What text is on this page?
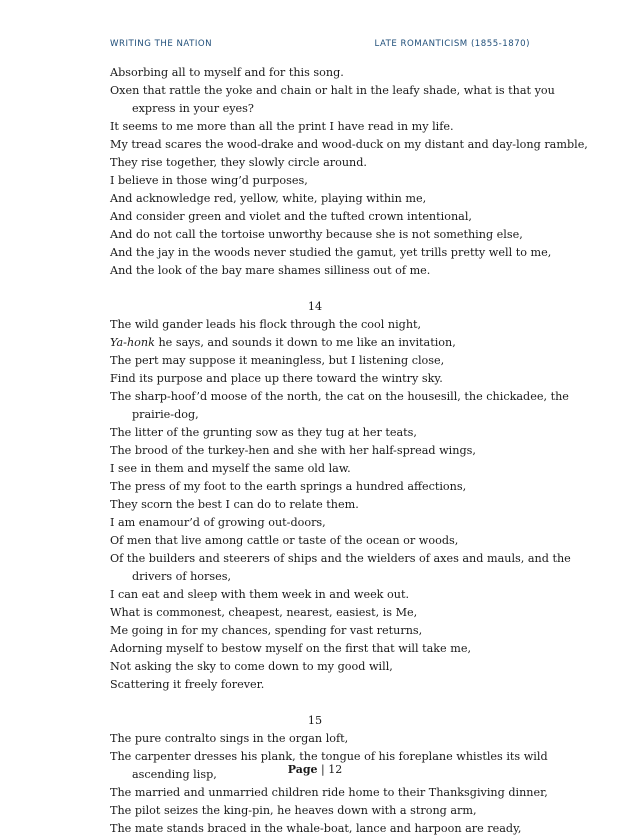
WRITING THE NATION	LATE ROMANTICISM (1855-1870)
Absorbing all to myself and for this song.
Oxen that rattle the yoke and chain or halt in the leafy shade, what is that you
express in your eyes?
It seems to me more than all the print I have read in my life.
My tread scares the wood-drake and wood-duck on my distant and day-long ramble,
They rise together, they slowly circle around.
I believe in those wing’d purposes,
And acknowledge red, yellow, white, playing within me,
And consider green and violet and the tufted crown intentional,
And do not call the tortoise unworthy because she is not something else,
And the jay in the woods never studied the gamut, yet trills pretty well to me,
And the look of the bay mare shames silliness out of me.
14
The wild gander leads his flock through the cool night,
Ya-honk he says, and sounds it down to me like an invitation,
The pert may suppose it meaningless, but I listening close,
Find its purpose and place up there toward the wintry sky.
The sharp-hoof’d moose of the north, the cat on the housesill, the chickadee, the
prairie-dog,
The litter of the grunting sow as they tug at her teats,
The brood of the turkey-hen and she with her half-spread wings,
I see in them and myself the same old law.
The press of my foot to the earth springs a hundred affections,
They scorn the best I can do to relate them.
I am enamour’d of growing out-doors,
Of men that live among cattle or taste of the ocean or woods,
Of the builders and steerers of ships and the wielders of axes and mauls, and the
drivers of horses,
I can eat and sleep with them week in and week out.
What is commonest, cheapest, nearest, easiest, is Me,
Me going in for my chances, spending for vast returns,
Adorning myself to bestow myself on the first that will take me,
Not asking the sky to come down to my good will,
Scattering it freely forever.
15
The pure contralto sings in the organ loft,
The carpenter dresses his plank, the tongue of his foreplane whistles its wild
ascending lisp,
The married and unmarried children ride home to their Thanksgiving dinner,
The pilot seizes the king-pin, he heaves down with a strong arm,
The mate stands braced in the whale-boat, lance and harpoon are ready,
Page | 12
